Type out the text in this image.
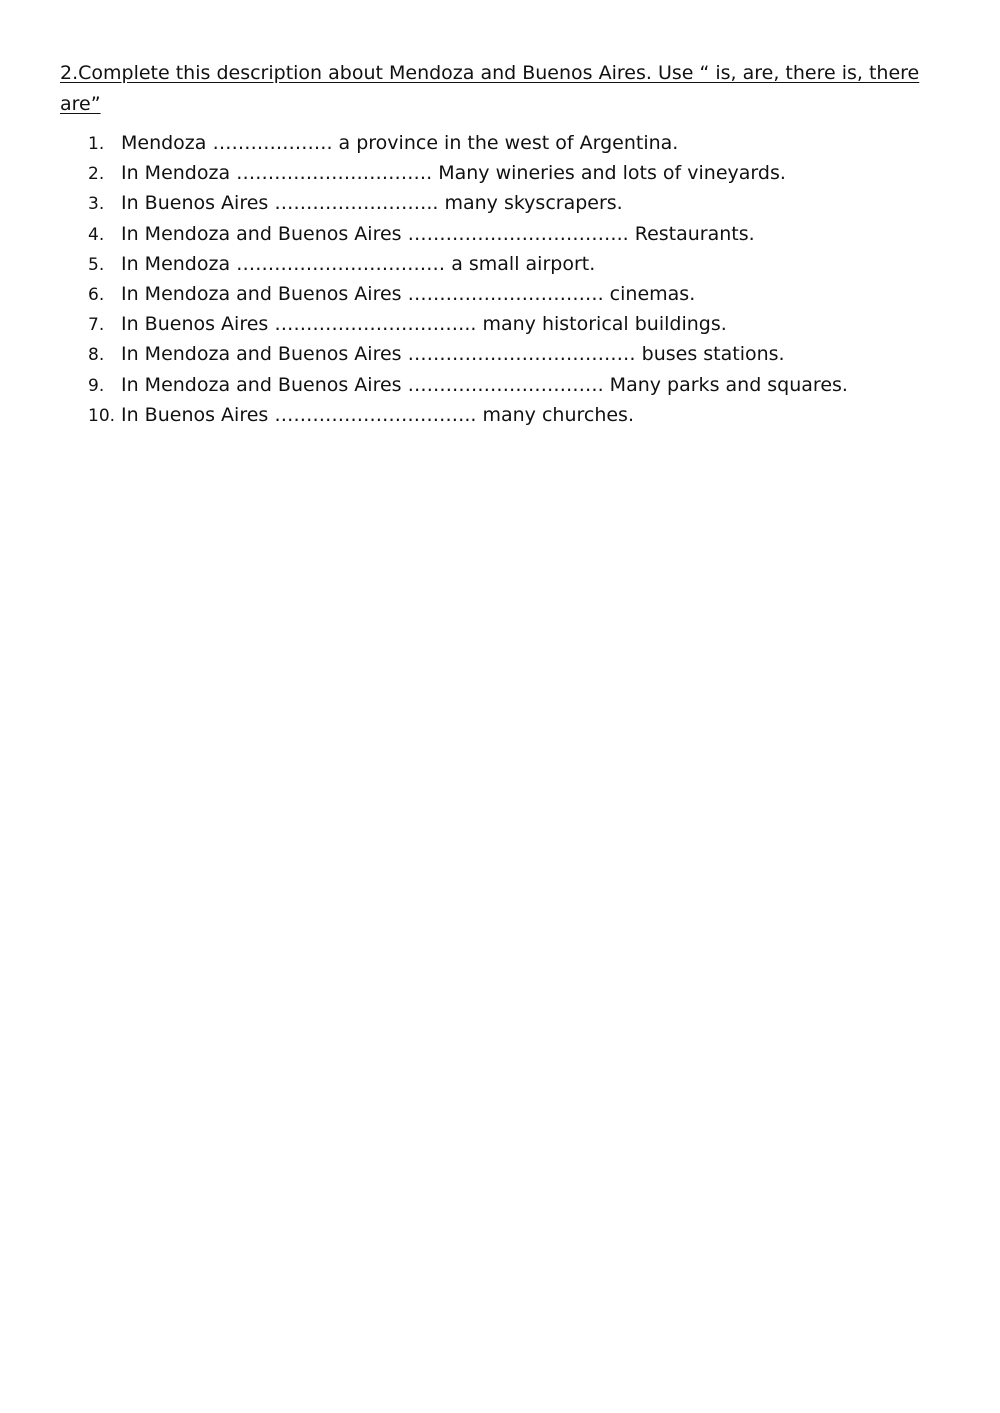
2.Complete this description about Mendoza and Buenos Aires. Use “ is, are, there is, there are”
1. Mendoza ………………. a province in the west of Argentina.
2. In Mendoza …………………………. Many wineries and lots of vineyards.
3. In Buenos Aires …………………….. many skyscrapers.
4. In Mendoza and Buenos Aires …………………………….. Restaurants.
5. In Mendoza …………………………… a small airport.
6. In Mendoza and Buenos Aires …………………………. cinemas.
7. In Buenos Aires ………………………….. many historical buildings.
8. In Mendoza and Buenos Aires ……………………………… buses stations.
9. In Mendoza and Buenos Aires …………………………. Many parks and squares.
10. In Buenos Aires ………………………….. many churches.
